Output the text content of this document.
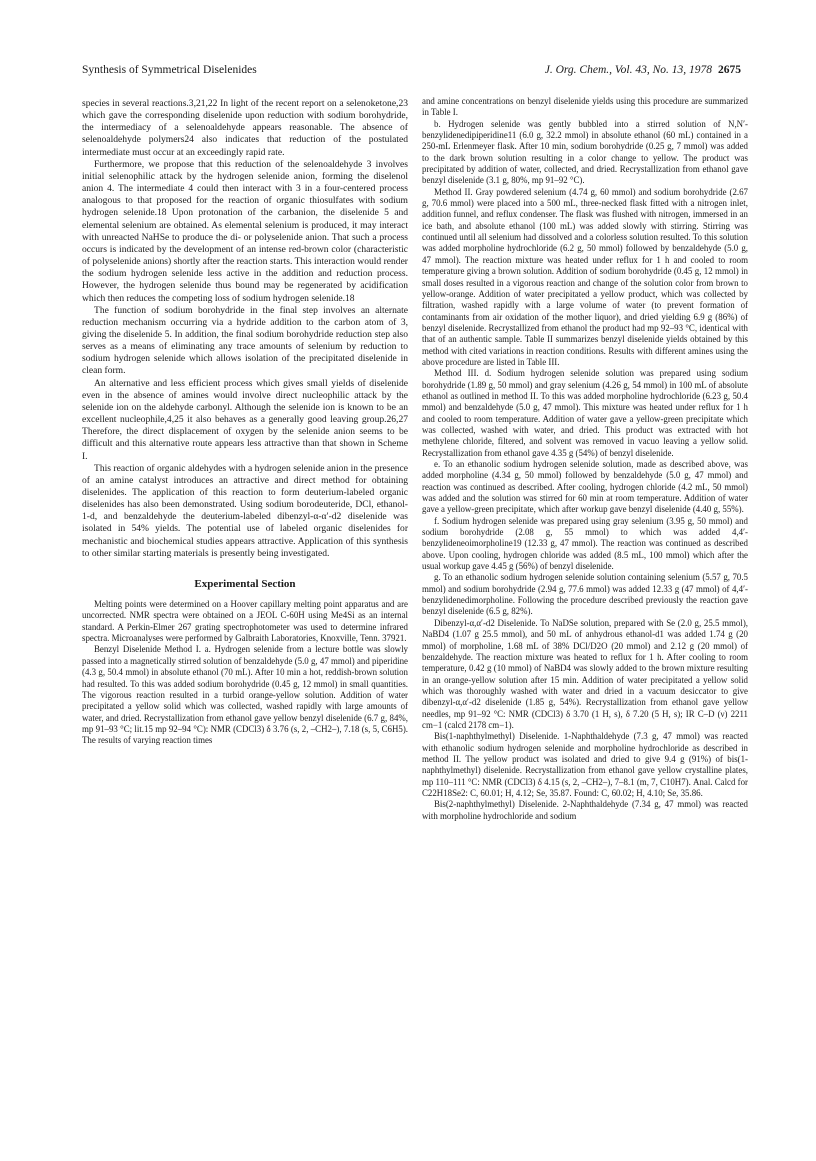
Synthesis of Symmetrical Diselenides	J. Org. Chem., Vol. 43, No. 13, 1978 2675

species in several reactions.3,21,22 In light of the recent report on a selenoketone,23 which gave the corresponding diselenide upon reduction with sodium borohydride, the intermediacy of a selenoaldehyde appears reasonable. The absence of selenoaldehyde polymers24 also indicates that reduction of the postulated intermediate must occur at an exceedingly rapid rate.

Furthermore, we propose that this reduction of the selenoaldehyde 3 involves initial selenophilic attack by the hydrogen selenide anion, forming the diselenol anion 4. The intermediate 4 could then interact with 3 in a four-centered process analogous to that proposed for the reaction of organic thiosulfates with sodium hydrogen selenide.18 Upon protonation of the carbanion, the diselenide 5 and elemental selenium are obtained. As elemental selenium is produced, it may interact with unreacted NaHSe to produce the di- or polyselenide anion. That such a process occurs is indicated by the development of an intense red-brown color (characteristic of polyselenide anions) shortly after the reaction starts. This interaction would render the sodium hydrogen selenide less active in the addition and reduction process. However, the hydrogen selenide thus bound may be regenerated by acidification which then reduces the competing loss of sodium hydrogen selenide.18

The function of sodium borohydride in the final step involves an alternate reduction mechanism occurring via a hydride addition to the carbon atom of 3, giving the diselenide 5. In addition, the final sodium borohydride reduction step also serves as a means of eliminating any trace amounts of selenium by reduction to sodium hydrogen selenide which allows isolation of the precipitated diselenide in clean form.

An alternative and less efficient process which gives small yields of diselenide even in the absence of amines would involve direct nucleophilic attack by the selenide ion on the aldehyde carbonyl. Although the selenide ion is known to be an excellent nucleophile,4,25 it also behaves as a generally good leaving group.26,27 Therefore, the direct displacement of oxygen by the selenide anion seems to be difficult and this alternative route appears less attractive than that shown in Scheme I.

This reaction of organic aldehydes with a hydrogen selenide anion in the presence of an amine catalyst introduces an attractive and direct method for obtaining diselenides. The application of this reaction to form deuterium-labeled organic diselenides has also been demonstrated. Using sodium borodeuteride, DCl, ethanol-1-d, and benzaldehyde the deuterium-labeled dibenzyl-α-α′-d2 diselenide was isolated in 54% yields. The potential use of labeled organic diselenides for mechanistic and biochemical studies appears attractive. Application of this synthesis to other similar starting materials is presently being investigated.

Experimental Section

Melting points were determined on a Hoover capillary melting point apparatus and are uncorrected. NMR spectra were obtained on a JEOL C-60H using Me4Si as an internal standard. A Perkin-Elmer 267 grating spectrophotometer was used to determine infrared spectra. Microanalyses were performed by Galbraith Laboratories, Knoxville, Tenn. 37921.

Benzyl Diselenide Method I. a. Hydrogen selenide from a lecture bottle was slowly passed into a magnetically stirred solution of benzaldehyde (5.0 g, 47 mmol) and piperidine (4.3 g, 50.4 mmol) in absolute ethanol (70 mL). After 10 min a hot, reddish-brown solution had resulted. To this was added sodium borohydride (0.45 g, 12 mmol) in small quantities. The vigorous reaction resulted in a turbid orange-yellow solution. Addition of water precipitated a yellow solid which was collected, washed rapidly with large amounts of water, and dried. Recrystallization from ethanol gave yellow benzyl diselenide (6.7 g, 84%, mp 91–93 °C; lit.15 mp 92–94 °C): NMR (CDCl3) δ 3.76 (s, 2, –CH2–), 7.18 (s, 5, C6H5). The results of varying reaction times

and amine concentrations on benzyl diselenide yields using this procedure are summarized in Table I.

b. Hydrogen selenide was gently bubbled into a stirred solution of N,N′-benzylidenedipiperidine11 (6.0 g, 32.2 mmol) in absolute ethanol (60 mL) contained in a 250-mL Erlenmeyer flask. After 10 min, sodium borohydride (0.25 g, 7 mmol) was added to the dark brown solution resulting in a color change to yellow. The product was precipitated by addition of water, collected, and dried. Recrystallization from ethanol gave benzyl diselenide (3.1 g, 80%, mp 91–92 °C).

Method II. Gray powdered selenium (4.74 g, 60 mmol) and sodium borohydride (2.67 g, 70.6 mmol) were placed into a 500 mL, three-necked flask fitted with a nitrogen inlet, addition funnel, and reflux condenser. The flask was flushed with nitrogen, immersed in an ice bath, and absolute ethanol (100 mL) was added slowly with stirring. Stirring was continued until all selenium had dissolved and a colorless solution resulted. To this solution was added morpholine hydrochloride (6.2 g, 50 mmol) followed by benzaldehyde (5.0 g, 47 mmol). The reaction mixture was heated under reflux for 1 h and cooled to room temperature giving a brown solution. Addition of sodium borohydride (0.45 g, 12 mmol) in small doses resulted in a vigorous reaction and change of the solution color from brown to yellow-orange. Addition of water precipitated a yellow product, which was collected by filtration, washed rapidly with a large volume of water (to prevent formation of contaminants from air oxidation of the mother liquor), and dried yielding 6.9 g (86%) of benzyl diselenide. Recrystallized from ethanol the product had mp 92–93 °C, identical with that of an authentic sample. Table II summarizes benzyl diselenide yields obtained by this method with cited variations in reaction conditions. Results with different amines using the above procedure are listed in Table III.

Method III. d. Sodium hydrogen selenide solution was prepared using sodium borohydride (1.89 g, 50 mmol) and gray selenium (4.26 g, 54 mmol) in 100 mL of absolute ethanol as outlined in method II. To this was added morpholine hydrochloride (6.23 g, 50.4 mmol) and benzaldehyde (5.0 g, 47 mmol). This mixture was heated under reflux for 1 h and cooled to room temperature. Addition of water gave a yellow-green precipitate which was collected, washed with water, and dried. This product was extracted with hot methylene chloride, filtered, and solvent was removed in vacuo leaving a yellow solid. Recrystallization from ethanol gave 4.35 g (54%) of benzyl diselenide.

e. To an ethanolic sodium hydrogen selenide solution, made as described above, was added morpholine (4.34 g, 50 mmol) followed by benzaldehyde (5.0 g, 47 mmol) and reaction was continued as described. After cooling, hydrogen chloride (4.2 mL, 50 mmol) was added and the solution was stirred for 60 min at room temperature. Addition of water gave a yellow-green precipitate, which after workup gave benzyl diselenide (4.40 g, 55%).

f. Sodium hydrogen selenide was prepared using gray selenium (3.95 g, 50 mmol) and sodium borohydride (2.08 g, 55 mmol) to which was added 4,4′-benzylideneoimorpholine19 (12.33 g, 47 mmol). The reaction was continued as described above. Upon cooling, hydrogen chloride was added (8.5 mL, 100 mmol) which after the usual workup gave 4.45 g (56%) of benzyl diselenide.

g. To an ethanolic sodium hydrogen selenide solution containing selenium (5.57 g, 70.5 mmol) and sodium borohydride (2.94 g, 77.6 mmol) was added 12.33 g (47 mmol) of 4,4′-benzylidenedimorpholine. Following the procedure described previously the reaction gave benzyl diselenide (6.5 g, 82%).

Dibenzyl-α,α′-d2 Diselenide. To NaDSe solution, prepared with Se (2.0 g, 25.5 mmol), NaBD4 (1.07 g 25.5 mmol), and 50 mL of anhydrous ethanol-d1 was added 1.74 g (20 mmol) of morpholine, 1.68 mL of 38% DCl/D2O (20 mmol) and 2.12 g (20 mmol) of benzaldehyde. The reaction mixture was heated to reflux for 1 h. After cooling to room temperature, 0.42 g (10 mmol) of NaBD4 was slowly added to the brown mixture resulting in an orange-yellow solution after 15 min. Addition of water precipitated a yellow solid which was thoroughly washed with water and dried in a vacuum desiccator to give dibenzyl-α,α′-d2 diselenide (1.85 g, 54%). Recrystallization from ethanol gave yellow needles, mp 91–92 °C: NMR (CDCl3) δ 3.70 (1 H, s), δ 7.20 (5 H, s); IR C–D (ν) 2211 cm−1 (calcd 2178 cm−1).

Bis(1-naphthylmethyl) Diselenide. 1-Naphthaldehyde (7.3 g, 47 mmol) was reacted with ethanolic sodium hydrogen selenide and morpholine hydrochloride as described in method II. The yellow product was isolated and dried to give 9.4 g (91%) of bis(1-naphthylmethyl) diselenide. Recrystallization from ethanol gave yellow crystalline plates, mp 110–111 °C: NMR (CDCl3) δ 4.15 (s, 2, –CH2–), 7–8.1 (m, 7, C10H7). Anal. Calcd for C22H18Se2: C, 60.01; H, 4.12; Se, 35.87. Found: C, 60.02; H, 4.10; Se, 35.86.

Bis(2-naphthylmethyl) Diselenide. 2-Naphthaldehyde (7.34 g, 47 mmol) was reacted with morpholine hydrochloride and sodium
